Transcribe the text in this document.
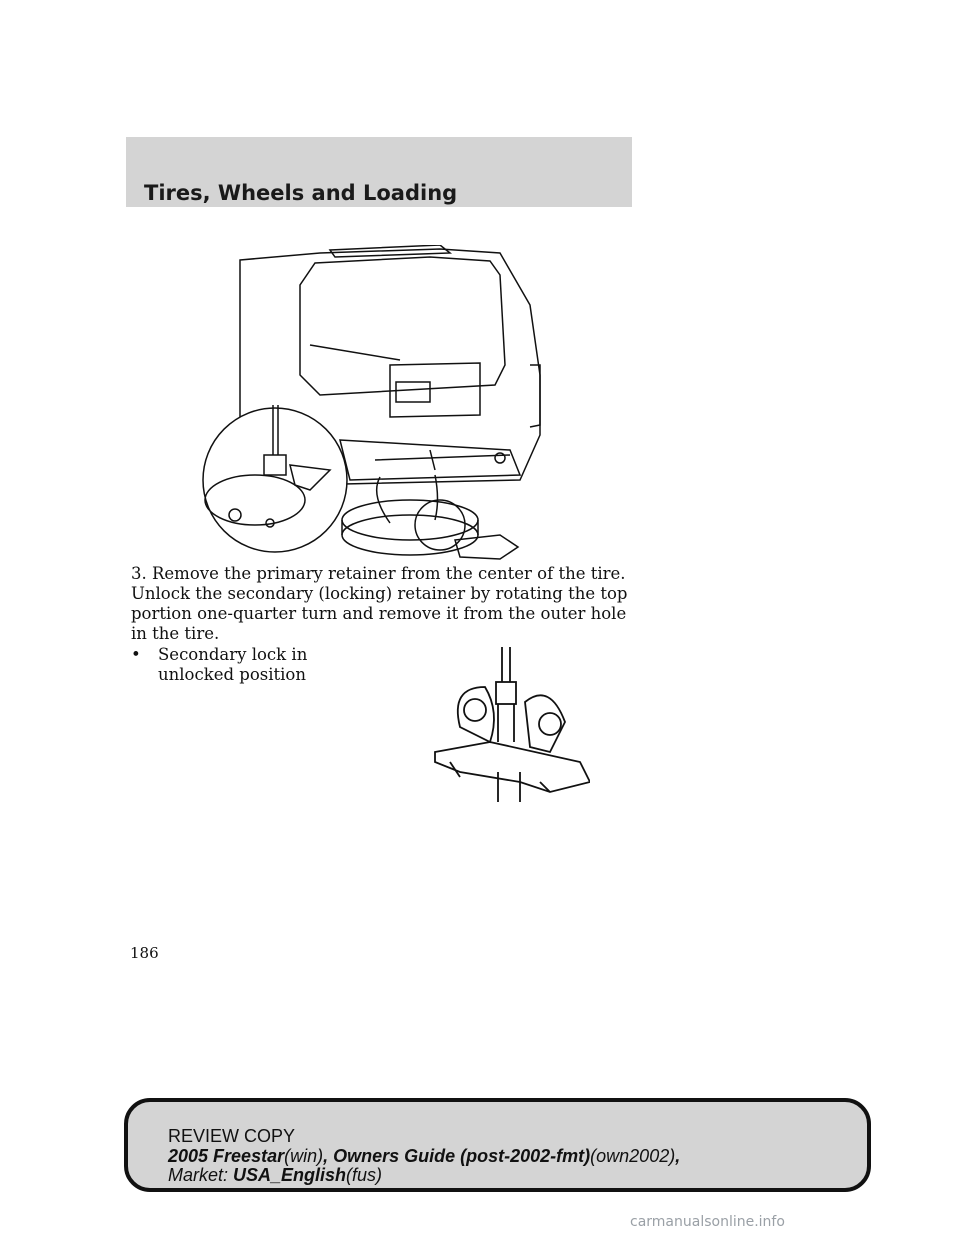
Tires, Wheels and Loading

3. Remove the primary retainer from the center of the tire. Unlock the secondary (locking) retainer by rotating the top portion one-quarter turn and remove it from the outer hole in the tire.

•	Secondary lock in unlocked position

186

REVIEW COPY
2005 Freestar(win), Owners Guide (post-2002-fmt)(own2002),
Market: USA_English(fus)
carmanualsonline.info
